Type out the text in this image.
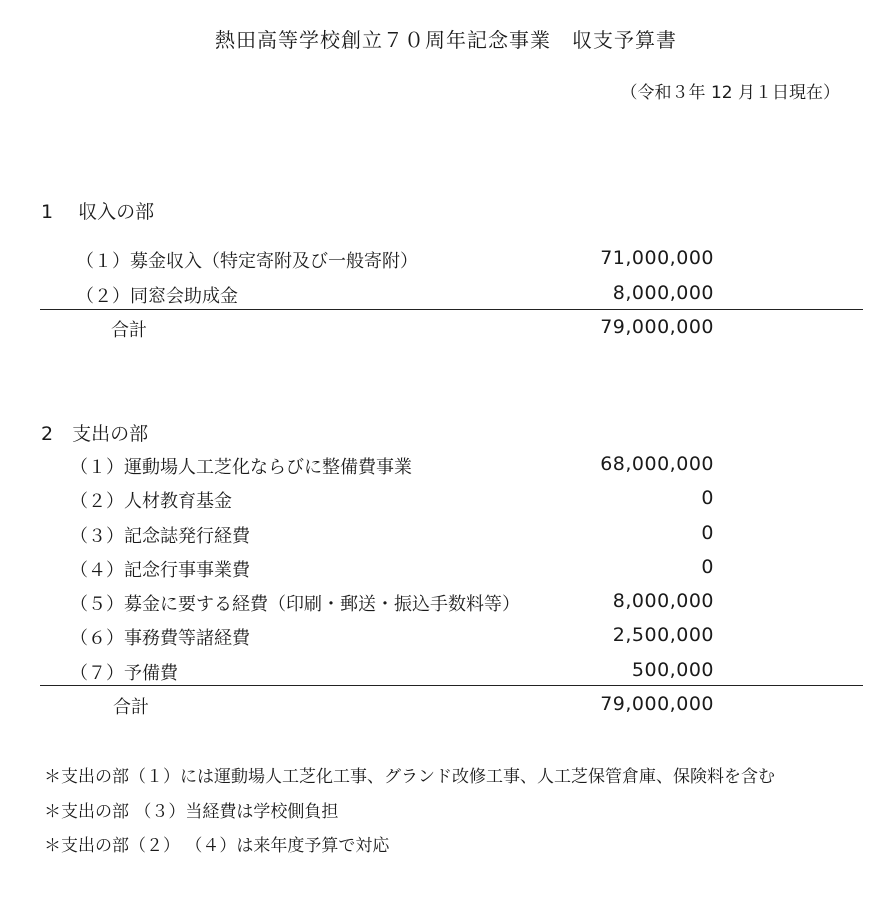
熱田高等学校創立７０周年記念事業　収支予算書
（令和３年 12 月１日現在）
1　 収入の部
（１）募金収入（特定寄附及び一般寄附）	71,000,000
（２）同窓会助成金	8,000,000
合計	79,000,000
2　支出の部
（１）運動場人工芝化ならびに整備費事業	68,000,000
（２）人材教育基金	0
（３）記念誌発行経費	0
（４）記念行事事業費	0
（５）募金に要する経費（印刷・郵送・振込手数料等）	8,000,000
（６）事務費等諸経費	2,500,000
（７）予備費	500,000
合計	79,000,000
＊支出の部（１）には運動場人工芝化工事、グランド改修工事、人工芝保管倉庫、保険料を含む
＊支出の部 （３）当経費は学校側負担
＊支出の部（２） （４）は来年度予算で対応
